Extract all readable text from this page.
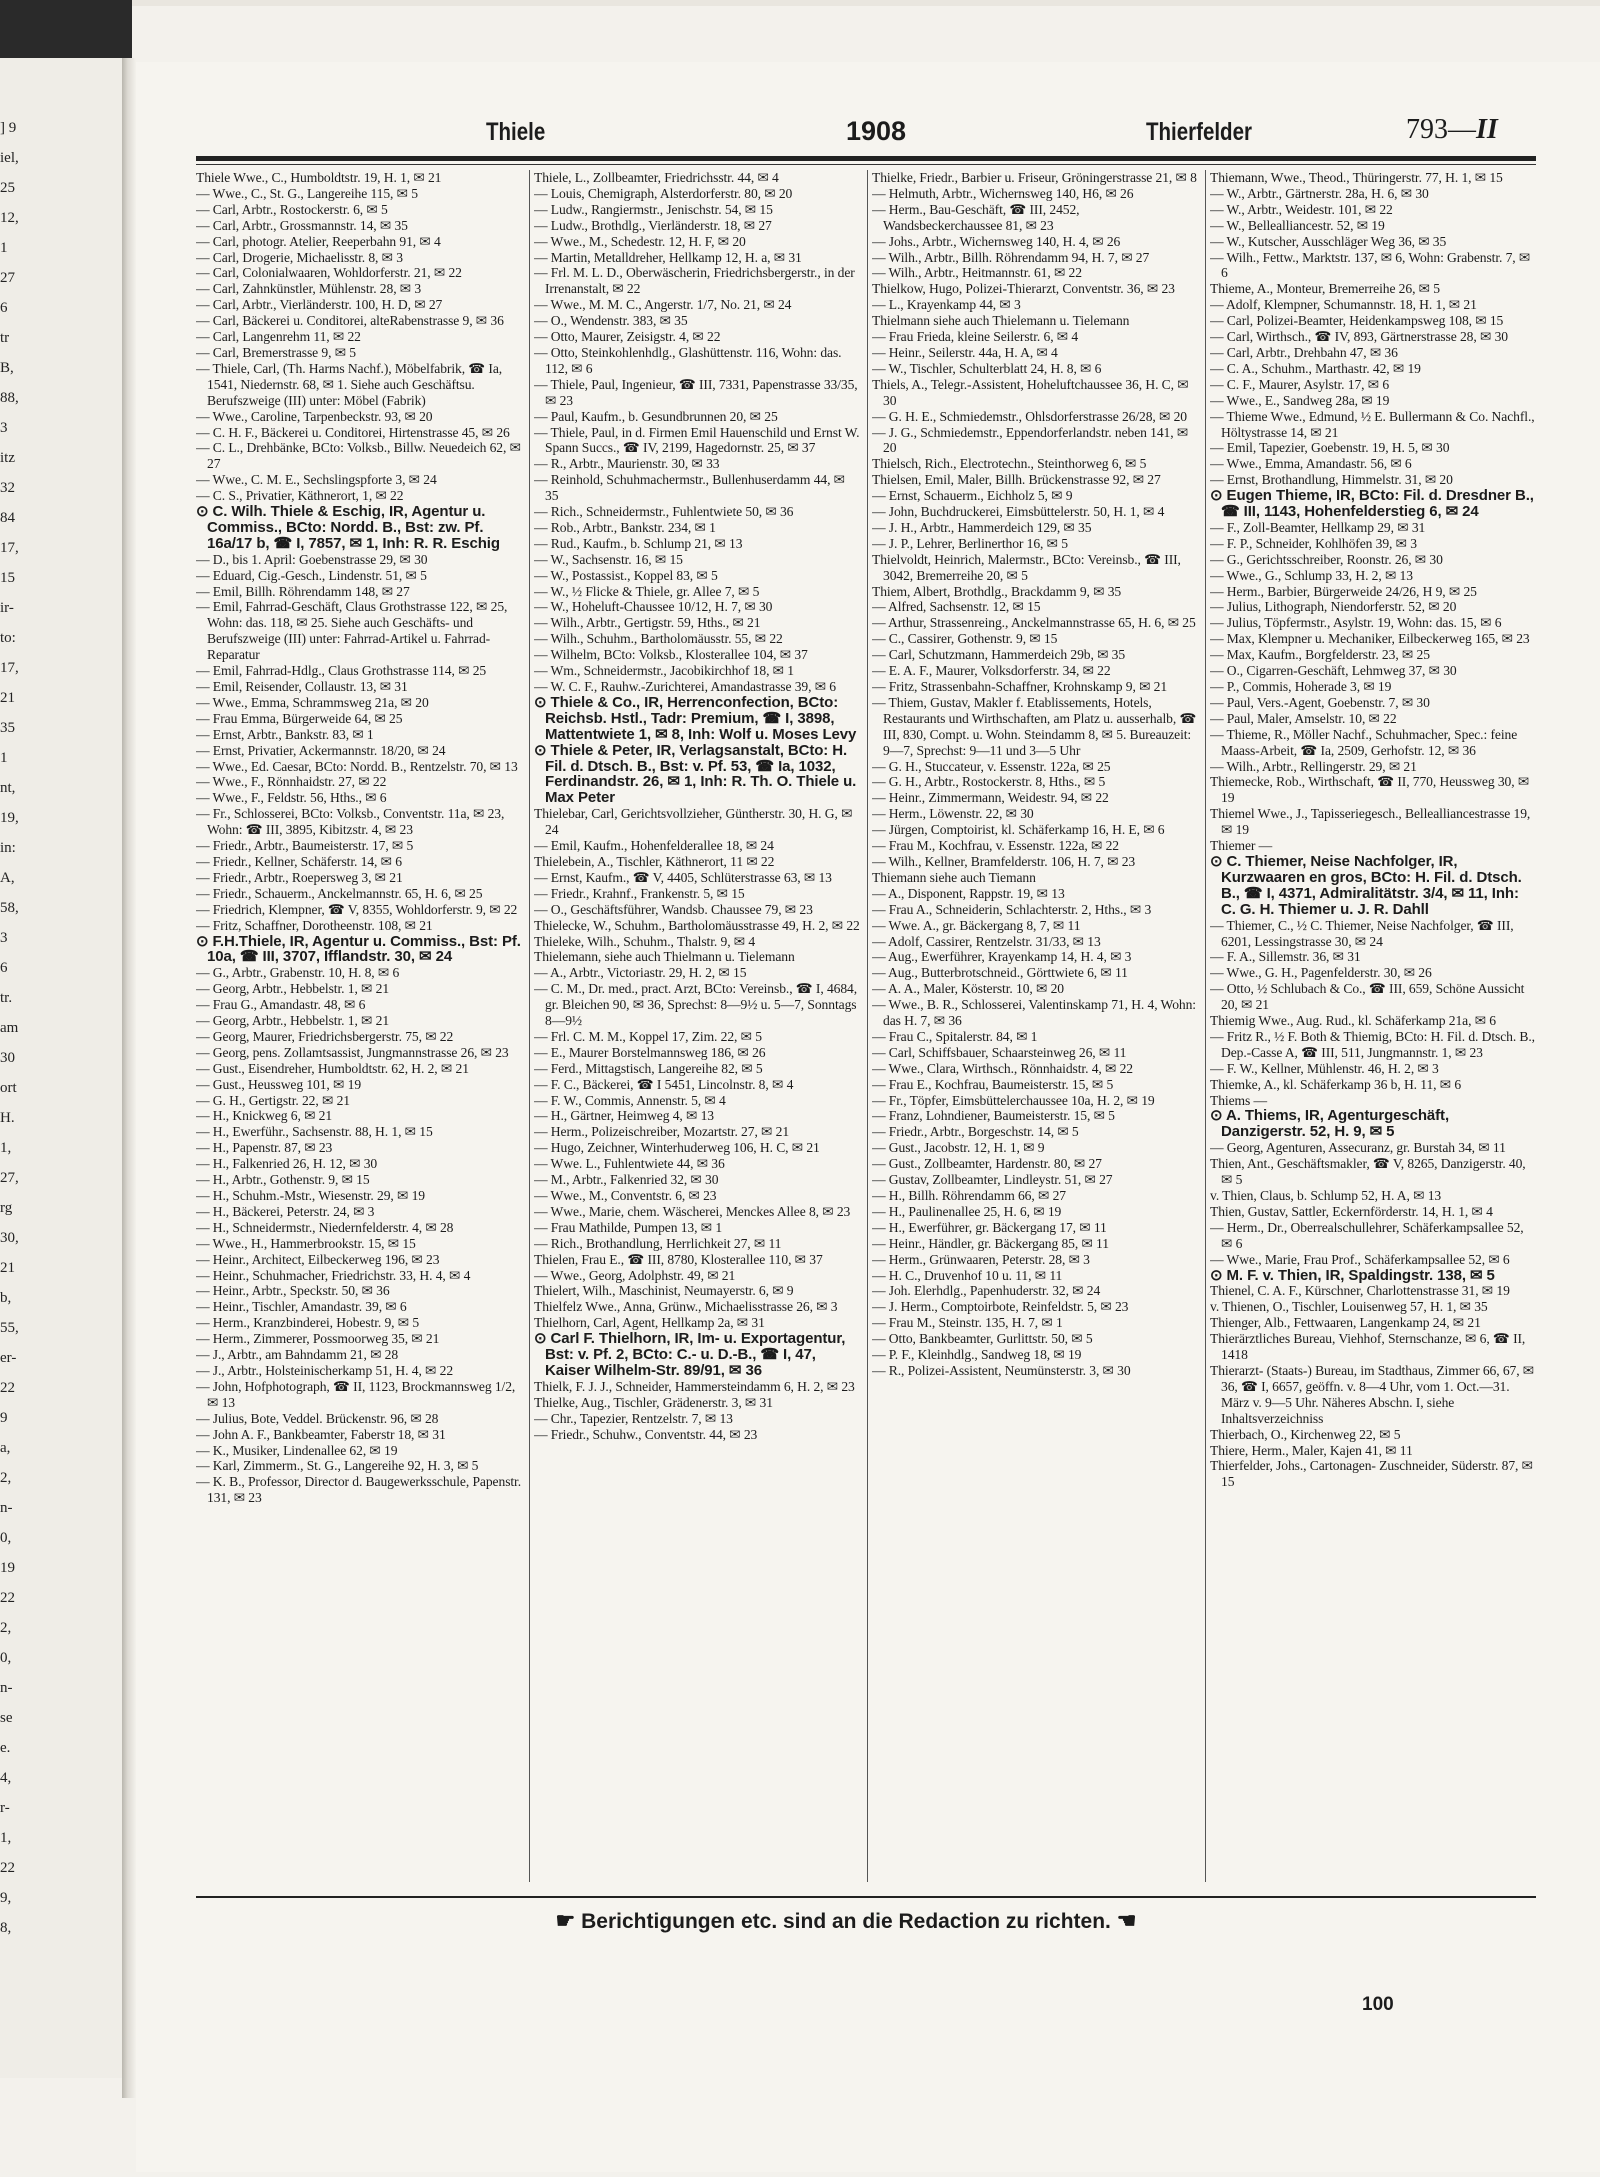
] 9
iel,
25
12,
1
27
6
tr
B,
88,
3
itz
32
84
17,
15
ir-
to:
17,
21
35
1
nt,
19,
in:
A,
58,
3
6
tr.
am
30
ort
H.
1,
27,
rg
30,
21
b,
55,
er-
22
9
a,
2,
n-
0,
19
22
2,
0,
n-
se
e.
4,
r-
1,
22
9,
8,
Thiele	1908	Thierfelder	793—II

Thiele Wwe., C., Humboldtstr. 19, H. 1, ✉ 21

— Wwe., C., St. G., Langereihe 115, ✉ 5

— Carl, Arbtr., Rostockerstr. 6, ✉ 5

— Carl, Arbtr., Grossmannstr. 14, ✉ 35

— Carl, photogr. Atelier, Reeperbahn 91, ✉ 4

— Carl, Drogerie, Michaelisstr. 8, ✉ 3

— Carl, Colonialwaaren, Wohldorferstr. 21, ✉ 22

— Carl, Zahnkünstler, Mühlenstr. 28, ✉ 3

— Carl, Arbtr., Vierländerstr. 100, H. D, ✉ 27

— Carl, Bäckerei u. Conditorei, alteRabenstrasse 9, ✉ 36

— Carl, Langenrehm 11, ✉ 22

— Carl, Bremerstrasse 9, ✉ 5

— Thiele, Carl, (Th. Harms Nachf.), Möbelfabrik, ☎ Ia, 1541, Niedernstr. 68, ✉ 1. Siehe auch Geschäftsu. Berufszweige (III) unter: Möbel (Fabrik)

— Wwe., Caroline, Tarpenbeckstr. 93, ✉ 20

— C. H. F., Bäckerei u. Conditorei, Hirtenstrasse 45, ✉ 26

— C. L., Drehbänke, BCto: Volksb., Billw. Neuedeich 62, ✉ 27

— Wwe., C. M. E., Sechslingspforte 3, ✉ 24

— C. S., Privatier, Käthnerort, 1, ✉ 22

⊙ C. Wilh. Thiele & Eschig, IR, Agentur u. Commiss., BCto: Nordd. B., Bst: zw. Pf. 16a/17 b, ☎ I, 7857, ✉ 1, Inh: R. R. Eschig

— D., bis 1. April: Goebenstrasse 29, ✉ 30

— Eduard, Cig.-Gesch., Lindenstr. 51, ✉ 5

— Emil, Billh. Röhrendamm 148, ✉ 27

— Emil, Fahrrad-Geschäft, Claus Grothstrasse 122, ✉ 25, Wohn: das. 118, ✉ 25. Siehe auch Geschäfts- und Berufszweige (III) unter: Fahrrad-Artikel u. Fahrrad-Reparatur

— Emil, Fahrrad-Hdlg., Claus Grothstrasse 114, ✉ 25

— Emil, Reisender, Collaustr. 13, ✉ 31

— Wwe., Emma, Schrammsweg 21a, ✉ 20

— Frau Emma, Bürgerweide 64, ✉ 25

— Ernst, Arbtr., Bankstr. 83, ✉ 1

— Ernst, Privatier, Ackermannstr. 18/20, ✉ 24

— Wwe., Ed. Caesar, BCto: Nordd. B., Rentzelstr. 70, ✉ 13

— Wwe., F., Rönnhaidstr. 27, ✉ 22

— Wwe., F., Feldstr. 56, Hths., ✉ 6

— Fr., Schlosserei, BCto: Volksb., Conventstr. 11a, ✉ 23, Wohn: ☎ III, 3895, Kibitzstr. 4, ✉ 23

— Friedr., Arbtr., Baumeisterstr. 17, ✉ 5

— Friedr., Kellner, Schäferstr. 14, ✉ 6

— Friedr., Arbtr., Roepersweg 3, ✉ 21

— Friedr., Schauerm., Anckelmannstr. 65, H. 6, ✉ 25

— Friedrich, Klempner, ☎ V, 8355, Wohldorferstr. 9, ✉ 22

— Fritz, Schaffner, Dorotheenstr. 108, ✉ 21

⊙ F.H.Thiele, IR, Agentur u. Commiss., Bst: Pf. 10a, ☎ III, 3707, Ifflandstr. 30, ✉ 24

— G., Arbtr., Grabenstr. 10, H. 8, ✉ 6

— Georg, Arbtr., Hebbelstr. 1, ✉ 21

— Frau G., Amandastr. 48, ✉ 6

— Georg, Arbtr., Hebbelstr. 1, ✉ 21

— Georg, Maurer, Friedrichsbergerstr. 75, ✉ 22

— Georg, pens. Zollamtsassist, Jungmannstrasse 26, ✉ 23

— Gust., Eisendreher, Humboldtstr. 62, H. 2, ✉ 21

— Gust., Heussweg 101, ✉ 19

— G. H., Gertigstr. 22, ✉ 21

— H., Knickweg 6, ✉ 21

— H., Ewerführ., Sachsenstr. 88, H. 1, ✉ 15

— H., Papenstr. 87, ✉ 23

— H., Falkenried 26, H. 12, ✉ 30

— H., Arbtr., Gothenstr. 9, ✉ 15

— H., Schuhm.-Mstr., Wiesenstr. 29, ✉ 19

— H., Bäckerei, Peterstr. 24, ✉ 3

— H., Schneidermstr., Niedernfelderstr. 4, ✉ 28

— Wwe., H., Hammerbrookstr. 15, ✉ 15

— Heinr., Architect, Eilbeckerweg 196, ✉ 23

— Heinr., Schuhmacher, Friedrichstr. 33, H. 4, ✉ 4

— Heinr., Arbtr., Speckstr. 50, ✉ 36

— Heinr., Tischler, Amandastr. 39, ✉ 6

— Herm., Kranzbinderei, Hobestr. 9, ✉ 5

— Herm., Zimmerer, Possmoorweg 35, ✉ 21

— J., Arbtr., am Bahndamm 21, ✉ 28

— J., Arbtr., Holsteinischerkamp 51, H. 4, ✉ 22

— John, Hofphotograph, ☎ II, 1123, Brockmannsweg 1/2, ✉ 13

— Julius, Bote, Veddel. Brückenstr. 96, ✉ 28

— John A. F., Bankbeamter, Faberstr 18, ✉ 31

— K., Musiker, Lindenallee 62, ✉ 19

— Karl, Zimmerm., St. G., Langereihe 92, H. 3, ✉ 5

— K. B., Professor, Director d. Baugewerksschule, Papenstr. 131, ✉ 23

Thiele, L., Zollbeamter, Friedrichsstr. 44, ✉ 4

— Louis, Chemigraph, Alsterdorferstr. 80, ✉ 20

— Ludw., Rangiermstr., Jenischstr. 54, ✉ 15

— Ludw., Brothdlg., Vierländerstr. 18, ✉ 27

— Wwe., M., Schedestr. 12, H. F, ✉ 20

— Martin, Metalldreher, Hellkamp 12, H. a, ✉ 31

— Frl. M. L. D., Oberwäscherin, Friedrichsbergerstr., in der Irrenanstalt, ✉ 22

— Wwe., M. M. C., Angerstr. 1/7, No. 21, ✉ 24

— O., Wendenstr. 383, ✉ 35

— Otto, Maurer, Zeisigstr. 4, ✉ 22

— Otto, Steinkohlenhdlg., Glashüttenstr. 116, Wohn: das. 112, ✉ 6

— Thiele, Paul, Ingenieur, ☎ III, 7331, Papenstrasse 33/35, ✉ 23

— Paul, Kaufm., b. Gesundbrunnen 20, ✉ 25

— Thiele, Paul, in d. Firmen Emil Hauenschild und Ernst W. Spann Succs., ☎ IV, 2199, Hagedornstr. 25, ✉ 37

— R., Arbtr., Maurienstr. 30, ✉ 33

— Reinhold, Schuhmachermstr., Bullenhuserdamm 44, ✉ 35

— Rich., Schneidermstr., Fuhlentwiete 50, ✉ 36

— Rob., Arbtr., Bankstr. 234, ✉ 1

— Rud., Kaufm., b. Schlump 21, ✉ 13

— W., Sachsenstr. 16, ✉ 15

— W., Postassist., Koppel 83, ✉ 5

— W., ½ Flicke & Thiele, gr. Allee 7, ✉ 5

— W., Hoheluft-Chaussee 10/12, H. 7, ✉ 30

— Wilh., Arbtr., Gertigstr. 59, Hths., ✉ 21

— Wilh., Schuhm., Bartholomäusstr. 55, ✉ 22

— Wilhelm, BCto: Volksb., Klosterallee 104, ✉ 37

— Wm., Schneidermstr., Jacobikirchhof 18, ✉ 1

— W. C. F., Rauhw.-Zurichterei, Amandastrasse 39, ✉ 6

⊙ Thiele & Co., IR, Herrenconfection, BCto: Reichsb. Hstl., Tadr: Premium, ☎ I, 3898, Mattentwiete 1, ✉ 8, Inh: Wolf u. Moses Levy

⊙ Thiele & Peter, IR, Verlagsanstalt, BCto: H. Fil. d. Dtsch. B., Bst: v. Pf. 53, ☎ Ia, 1032, Ferdinandstr. 26, ✉ 1, Inh: R. Th. O. Thiele u. Max Peter

Thielebar, Carl, Gerichtsvollzieher, Güntherstr. 30, H. G, ✉ 24

— Emil, Kaufm., Hohenfelderallee 18, ✉ 24

Thielebein, A., Tischler, Käthnerort, 11 ✉ 22

— Ernst, Kaufm., ☎ V, 4405, Schlüterstrasse 63, ✉ 13

— Friedr., Krahnf., Frankenstr. 5, ✉ 15

— O., Geschäftsführer, Wandsb. Chaussee 79, ✉ 23

Thielecke, W., Schuhm., Bartholomäusstrasse 49, H. 2, ✉ 22

Thieleke, Wilh., Schuhm., Thalstr. 9, ✉ 4

Thielemann, siehe auch Thielmann u. Tielemann

— A., Arbtr., Victoriastr. 29, H. 2, ✉ 15

— C. M., Dr. med., pract. Arzt, BCto: Vereinsb., ☎ I, 4684, gr. Bleichen 90, ✉ 36, Sprechst: 8—9½ u. 5—7, Sonntags 8—9½

— Frl. C. M. M., Koppel 17, Zim. 22, ✉ 5

— E., Maurer Borstelmannsweg 186, ✉ 26

— Ferd., Mittagstisch, Langereihe 82, ✉ 5

— F. C., Bäckerei, ☎ I 5451, Lincolnstr. 8, ✉ 4

— F. W., Commis, Annenstr. 5, ✉ 4

— H., Gärtner, Heimweg 4, ✉ 13

— Herm., Polizeischreiber, Mozartstr. 27, ✉ 21

— Hugo, Zeichner, Winterhuderweg 106, H. C, ✉ 21

— Wwe. L., Fuhlentwiete 44, ✉ 36

— M., Arbtr., Falkenried 32, ✉ 30

— Wwe., M., Conventstr. 6, ✉ 23

— Wwe., Marie, chem. Wäscherei, Menckes Allee 8, ✉ 23

— Frau Mathilde, Pumpen 13, ✉ 1

— Rich., Brothandlung, Herrlichkeit 27, ✉ 11

Thielen, Frau E., ☎ III, 8780, Klosterallee 110, ✉ 37

— Wwe., Georg, Adolphstr. 49, ✉ 21

Thielert, Wilh., Maschinist, Neumayerstr. 6, ✉ 9

Thielfelz Wwe., Anna, Grünw., Michaelisstrasse 26, ✉ 3

Thielhorn, Carl, Agent, Hellkamp 2a, ✉ 31

⊙ Carl F. Thielhorn, IR, Im- u. Exportagentur, Bst: v. Pf. 2, BCto: C.- u. D.-B., ☎ I, 47, Kaiser Wilhelm-Str. 89/91, ✉ 36

Thielk, F. J. J., Schneider, Hammersteindamm 6, H. 2, ✉ 23

Thielke, Aug., Tischler, Grädenerstr. 3, ✉ 31

— Chr., Tapezier, Rentzelstr. 7, ✉ 13

— Friedr., Schuhw., Conventstr. 44, ✉ 23

Thielke, Friedr., Barbier u. Friseur, Gröningerstrasse 21, ✉ 8

— Helmuth, Arbtr., Wichernsweg 140, H6, ✉ 26

— Herm., Bau-Geschäft, ☎ III, 2452, Wandsbeckerchaussee 81, ✉ 23

— Johs., Arbtr., Wichernsweg 140, H. 4, ✉ 26

— Wilh., Arbtr., Billh. Röhrendamm 94, H. 7, ✉ 27

— Wilh., Arbtr., Heitmannstr. 61, ✉ 22

Thielkow, Hugo, Polizei-Thierarzt, Conventstr. 36, ✉ 23

— L., Krayenkamp 44, ✉ 3

Thielmann siehe auch Thielemann u. Tielemann

— Frau Frieda, kleine Seilerstr. 6, ✉ 4

— Heinr., Seilerstr. 44a, H. A, ✉ 4

— W., Tischler, Schulterblatt 24, H. 8, ✉ 6

Thiels, A., Telegr.-Assistent, Hoheluftchaussee 36, H. C, ✉ 30

— G. H. E., Schmiedemstr., Ohlsdorferstrasse 26/28, ✉ 20

— J. G., Schmiedemstr., Eppendorferlandstr. neben 141, ✉ 20

Thielsch, Rich., Electrotechn., Steinthorweg 6, ✉ 5

Thielsen, Emil, Maler, Billh. Brückenstrasse 92, ✉ 27

— Ernst, Schauerm., Eichholz 5, ✉ 9

— John, Buchdruckerei, Eimsbüttelerstr. 50, H. 1, ✉ 4

— J. H., Arbtr., Hammerdeich 129, ✉ 35

— J. P., Lehrer, Berlinerthor 16, ✉ 5

Thielvoldt, Heinrich, Malermstr., BCto: Vereinsb., ☎ III, 3042, Bremerreihe 20, ✉ 5

Thiem, Albert, Brothdlg., Brackdamm 9, ✉ 35

— Alfred, Sachsenstr. 12, ✉ 15

— Arthur, Strassenreing., Anckelmannstrasse 65, H. 6, ✉ 25

— C., Cassirer, Gothenstr. 9, ✉ 15

— Carl, Schutzmann, Hammerdeich 29b, ✉ 35

— E. A. F., Maurer, Volksdorferstr. 34, ✉ 22

— Fritz, Strassenbahn-Schaffner, Krohnskamp 9, ✉ 21

— Thiem, Gustav, Makler f. Etablissements, Hotels, Restaurants und Wirthschaften, am Platz u. ausserhalb, ☎ III, 830, Compt. u. Wohn. Steindamm 8, ✉ 5. Bureauzeit: 9—7, Sprechst: 9—11 und 3—5 Uhr

— G. H., Stuccateur, v. Essenstr. 122a, ✉ 25

— G. H., Arbtr., Rostockerstr. 8, Hths., ✉ 5

— Heinr., Zimmermann, Weidestr. 94, ✉ 22

— Herm., Löwenstr. 22, ✉ 30

— Jürgen, Comptoirist, kl. Schäferkamp 16, H. E, ✉ 6

— Frau M., Kochfrau, v. Essenstr. 122a, ✉ 22

— Wilh., Kellner, Bramfelderstr. 106, H. 7, ✉ 23

Thiemann siehe auch Tiemann

— A., Disponent, Rappstr. 19, ✉ 13

— Frau A., Schneiderin, Schlachterstr. 2, Hths., ✉ 3

— Wwe. A., gr. Bäckergang 8, 7, ✉ 11

— Adolf, Cassirer, Rentzelstr. 31/33, ✉ 13

— Aug., Ewerführer, Krayenkamp 14, H. 4, ✉ 3

— Aug., Butterbrotschneid., Görttwiete 6, ✉ 11

— A. A., Maler, Kösterstr. 10, ✉ 20

— Wwe., B. R., Schlosserei, Valentinskamp 71, H. 4, Wohn: das H. 7, ✉ 36

— Frau C., Spitalerstr. 84, ✉ 1

— Carl, Schiffsbauer, Schaarsteinweg 26, ✉ 11

— Wwe., Clara, Wirthsch., Rönnhaidstr. 4, ✉ 22

— Frau E., Kochfrau, Baumeisterstr. 15, ✉ 5

— Fr., Töpfer, Eimsbüttelerchaussee 10a, H. 2, ✉ 19

— Franz, Lohndiener, Baumeisterstr. 15, ✉ 5

— Friedr., Arbtr., Borgeschstr. 14, ✉ 5

— Gust., Jacobstr. 12, H. 1, ✉ 9

— Gust., Zollbeamter, Hardenstr. 80, ✉ 27

— Gustav, Zollbeamter, Lindleystr. 51, ✉ 27

— H., Billh. Röhrendamm 66, ✉ 27

— H., Paulinenallee 25, H. 6, ✉ 19

— H., Ewerführer, gr. Bäckergang 17, ✉ 11

— Heinr., Händler, gr. Bäckergang 85, ✉ 11

— Herm., Grünwaaren, Peterstr. 28, ✉ 3

— H. C., Druvenhof 10 u. 11, ✉ 11

— Joh. Elerhdlg., Papenhuderstr. 32, ✉ 24

— J. Herm., Comptoirbote, Reinfeldstr. 5, ✉ 23

— Frau M., Steinstr. 135, H. 7, ✉ 1

— Otto, Bankbeamter, Gurlittstr. 50, ✉ 5

— P. F., Kleinhdlg., Sandweg 18, ✉ 19

— R., Polizei-Assistent, Neumünsterstr. 3, ✉ 30

Thiemann, Wwe., Theod., Thüringerstr. 77, H. 1, ✉ 15

— W., Arbtr., Gärtnerstr. 28a, H. 6, ✉ 30

— W., Arbtr., Weidestr. 101, ✉ 22

— W., Bellealliancestr. 52, ✉ 19

— W., Kutscher, Ausschläger Weg 36, ✉ 35

— Wilh., Fettw., Marktstr. 137, ✉ 6, Wohn: Grabenstr. 7, ✉ 6

Thieme, A., Monteur, Bremerreihe 26, ✉ 5

— Adolf, Klempner, Schumannstr. 18, H. 1, ✉ 21

— Carl, Polizei-Beamter, Heidenkampsweg 108, ✉ 15

— Carl, Wirthsch., ☎ IV, 893, Gärtnerstrasse 28, ✉ 30

— Carl, Arbtr., Drehbahn 47, ✉ 36

— C. A., Schuhm., Marthastr. 42, ✉ 19

— C. F., Maurer, Asylstr. 17, ✉ 6

— Wwe., E., Sandweg 28a, ✉ 19

— Thieme Wwe., Edmund, ½ E. Bullermann & Co. Nachfl., Höltystrasse 14, ✉ 21

— Emil, Tapezier, Goebenstr. 19, H. 5, ✉ 30

— Wwe., Emma, Amandastr. 56, ✉ 6

— Ernst, Brothandlung, Himmelstr. 31, ✉ 20

⊙ Eugen Thieme, IR, BCto: Fil. d. Dresdner B., ☎ III, 1143, Hohenfelderstieg 6, ✉ 24

— F., Zoll-Beamter, Hellkamp 29, ✉ 31

— F. P., Schneider, Kohlhöfen 39, ✉ 3

— G., Gerichtsschreiber, Roonstr. 26, ✉ 30

— Wwe., G., Schlump 33, H. 2, ✉ 13

— Herm., Barbier, Bürgerweide 24/26, H 9, ✉ 25

— Julius, Lithograph, Niendorferstr. 52, ✉ 20

— Julius, Töpfermstr., Asylstr. 19, Wohn: das. 15, ✉ 6

— Max, Klempner u. Mechaniker, Eilbeckerweg 165, ✉ 23

— Max, Kaufm., Borgfelderstr. 23, ✉ 25

— O., Cigarren-Geschäft, Lehmweg 37, ✉ 30

— P., Commis, Hoherade 3, ✉ 19

— Paul, Vers.-Agent, Goebenstr. 7, ✉ 30

— Paul, Maler, Amselstr. 10, ✉ 22

— Thieme, R., Möller Nachf., Schuhmacher, Spec.: feine Maass-Arbeit, ☎ Ia, 2509, Gerhofstr. 12, ✉ 36

— Wilh., Arbtr., Rellingerstr. 29, ✉ 21

Thiemecke, Rob., Wirthschaft, ☎ II, 770, Heussweg 30, ✉ 19

Thiemel Wwe., J., Tapisseriegesch., Bellealliancestrasse 19, ✉ 19

Thiemer —

⊙ C. Thiemer, Neise Nachfolger, IR, Kurzwaaren en gros, BCto: H. Fil. d. Dtsch. B., ☎ I, 4371, Admiralitätstr. 3/4, ✉ 11, Inh: C. G. H. Thiemer u. J. R. Dahll

— Thiemer, C., ½ C. Thiemer, Neise Nachfolger, ☎ III, 6201, Lessingstrasse 30, ✉ 24

— F. A., Sillemstr. 36, ✉ 31

— Wwe., G. H., Pagenfelderstr. 30, ✉ 26

— Otto, ½ Schlubach & Co., ☎ III, 659, Schöne Aussicht 20, ✉ 21

Thiemig Wwe., Aug. Rud., kl. Schäferkamp 21a, ✉ 6

— Fritz R., ½ F. Both & Thiemig, BCto: H. Fil. d. Dtsch. B., Dep.-Casse A, ☎ III, 511, Jungmannstr. 1, ✉ 23

— F. W., Kellner, Mühlenstr. 46, H. 2, ✉ 3

Thiemke, A., kl. Schäferkamp 36 b, H. 11, ✉ 6

Thiems —

⊙ A. Thiems, IR, Agenturgeschäft, Danzigerstr. 52, H. 9, ✉ 5

— Georg, Agenturen, Assecuranz, gr. Burstah 34, ✉ 11

Thien, Ant., Geschäftsmakler, ☎ V, 8265, Danzigerstr. 40, ✉ 5

v. Thien, Claus, b. Schlump 52, H. A, ✉ 13

Thien, Gustav, Sattler, Eckernförderstr. 14, H. 1, ✉ 4

— Herm., Dr., Oberrealschullehrer, Schäferkampsallee 52, ✉ 6

— Wwe., Marie, Frau Prof., Schäferkampsallee 52, ✉ 6

⊙ M. F. v. Thien, IR, Spaldingstr. 138, ✉ 5

Thienel, C. A. F., Kürschner, Charlottenstrasse 31, ✉ 19

v. Thienen, O., Tischler, Louisenweg 57, H. 1, ✉ 35

Thienger, Alb., Fettwaaren, Langenkamp 24, ✉ 21

Thierärztliches Bureau, Viehhof, Sternschanze, ✉ 6, ☎ II, 1418

Thierarzt- (Staats-) Bureau, im Stadthaus, Zimmer 66, 67, ✉ 36, ☎ I, 6657, geöffn. v. 8—4 Uhr, vom 1. Oct.—31. März v. 9—5 Uhr. Näheres Abschn. I, siehe Inhaltsverzeichniss

Thierbach, O., Kirchenweg 22, ✉ 5

Thiere, Herm., Maler, Kajen 41, ✉ 11

Thierfelder, Johs., Cartonagen- Zuschneider, Süderstr. 87, ✉ 15

☛ Berichtigungen etc. sind an die Redaction zu richten. ☚
100
